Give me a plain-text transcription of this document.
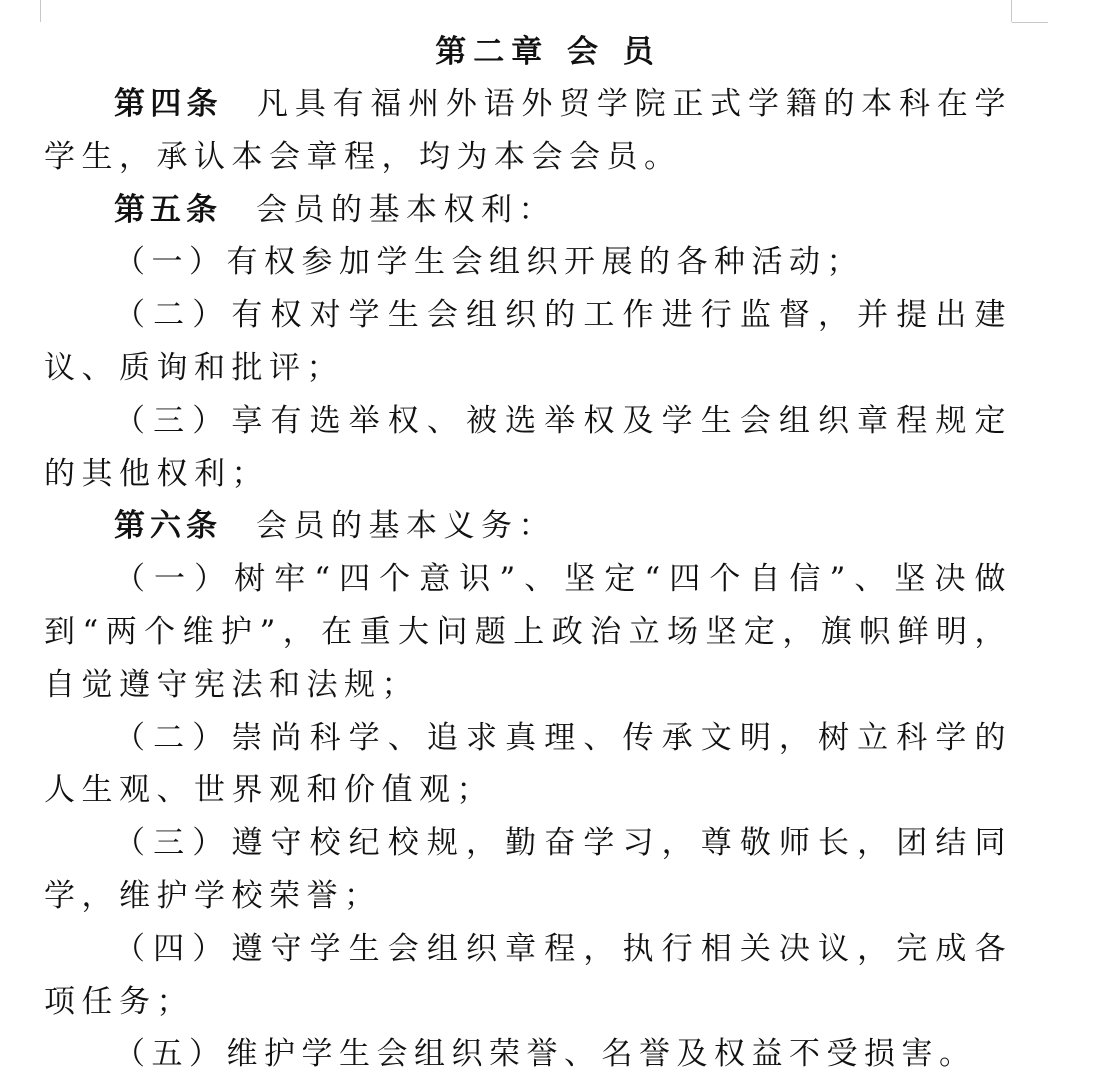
第二章 会 员

第四条 凡具有福州外语外贸学院正式学籍的本科在学学生，承认本会章程，均为本会会员。

第五条 会员的基本权利：

（一）有权参加学生会组织开展的各种活动；

（二）有权对学生会组织的工作进行监督，并提出建议、质询和批评；

（三）享有选举权、被选举权及学生会组织章程规定的其他权利；

第六条 会员的基本义务：

（一）树牢“四个意识”、坚定“四个自信”、坚决做到“两个维护”，在重大问题上政治立场坚定，旗帜鲜明，自觉遵守宪法和法规；

（二）崇尚科学、追求真理、传承文明，树立科学的人生观、世界观和价值观；

（三）遵守校纪校规，勤奋学习，尊敬师长，团结同学，维护学校荣誉；

（四）遵守学生会组织章程，执行相关决议，完成各项任务；

（五）维护学生会组织荣誉、名誉及权益不受损害。
